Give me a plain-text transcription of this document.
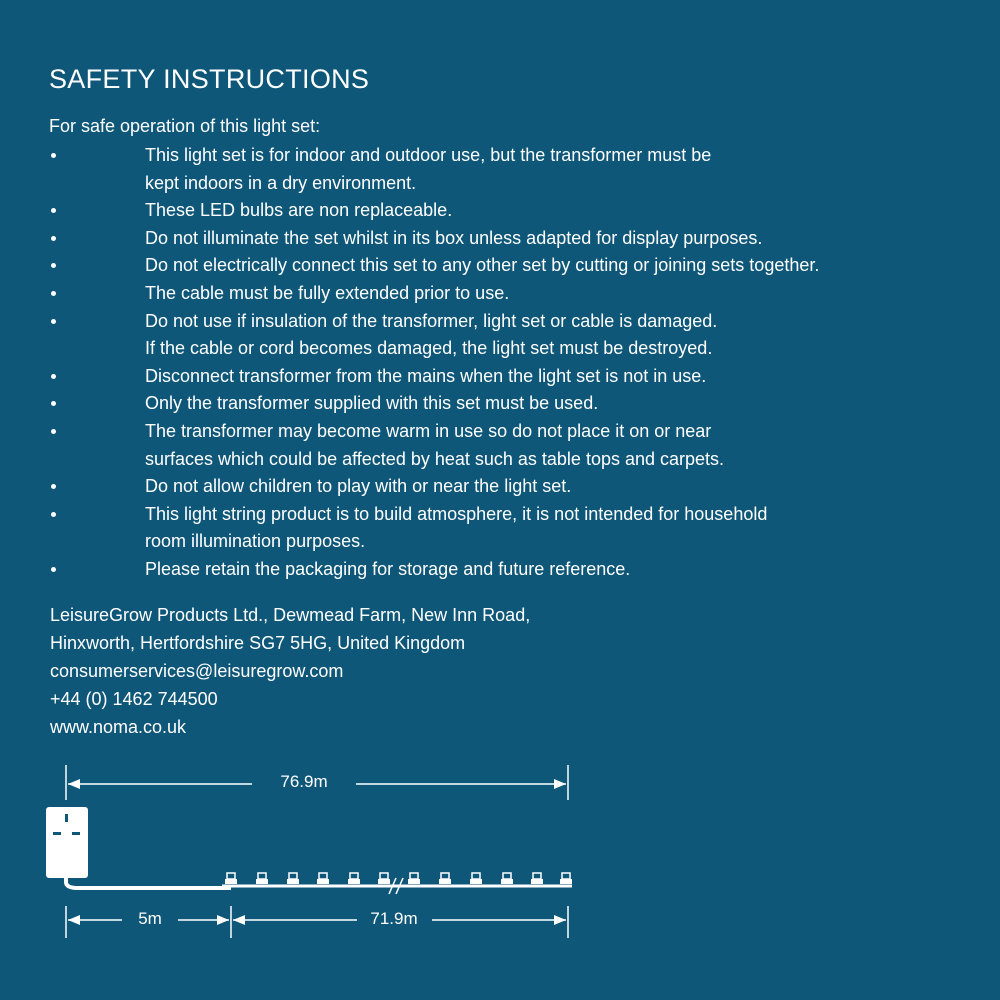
SAFETY INSTRUCTIONS
For safe operation of this light set:
This light set is for indoor and outdoor use, but the transformer must be
kept indoors in a dry environment.
These LED bulbs are non replaceable.
Do not illuminate the set whilst in its box unless adapted for display purposes.
Do not electrically connect this set to any other set by cutting or joining sets together.
The cable must be fully extended prior to use.
Do not use if insulation of the transformer, light set or cable is damaged.
If the cable or cord becomes damaged, the light set must be destroyed.
Disconnect transformer from the mains when the light set is not in use.
Only the transformer supplied with this set must be used.
The transformer may become warm in use so do not place it on or near
surfaces which could be affected by heat such as table tops and carpets.
Do not allow children to play with or near the light set.
This light string product is to build atmosphere, it is not intended for household
room illumination purposes.
Please retain the packaging for storage and future reference.
LeisureGrow Products Ltd., Dewmead Farm, New Inn Road,
Hinxworth, Hertfordshire SG7 5HG, United Kingdom
consumerservices@leisuregrow.com
+44 (0) 1462 744500
www.noma.co.uk
76.9m
5m	71.9m
